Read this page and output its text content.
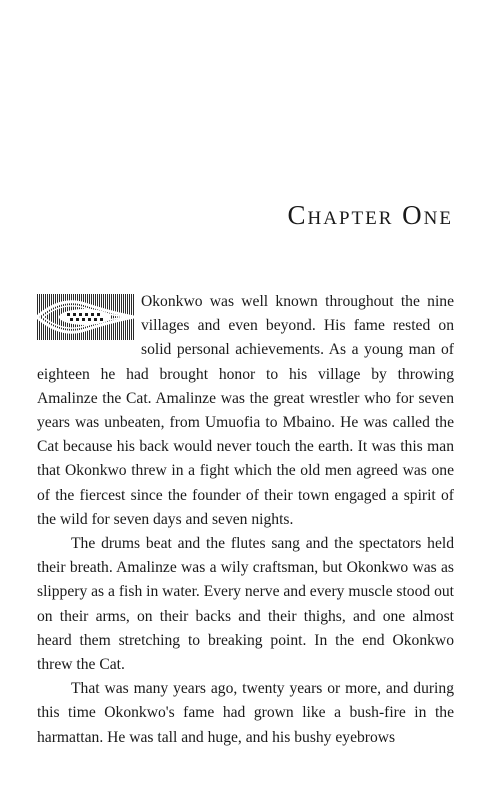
Chapter One

Okonkwo was well known throughout the nine villages and even beyond. His fame rested on solid personal achievements. As a young man of eighteen he had brought honor to his village by throwing Amalinze the Cat. Amalinze was the great wrestler who for seven years was unbeaten, from Umuofia to Mbaino. He was called the Cat because his back would never touch the earth. It was this man that Okonkwo threw in a fight which the old men agreed was one of the fiercest since the founder of their town engaged a spirit of the wild for seven days and seven nights.

The drums beat and the flutes sang and the spectators held their breath. Amalinze was a wily craftsman, but Okonkwo was as slippery as a fish in water. Every nerve and every muscle stood out on their arms, on their backs and their thighs, and one almost heard them stretching to breaking point. In the end Okonkwo threw the Cat.

That was many years ago, twenty years or more, and during this time Okonkwo's fame had grown like a bush-fire in the harmattan. He was tall and huge, and his bushy eyebrows
